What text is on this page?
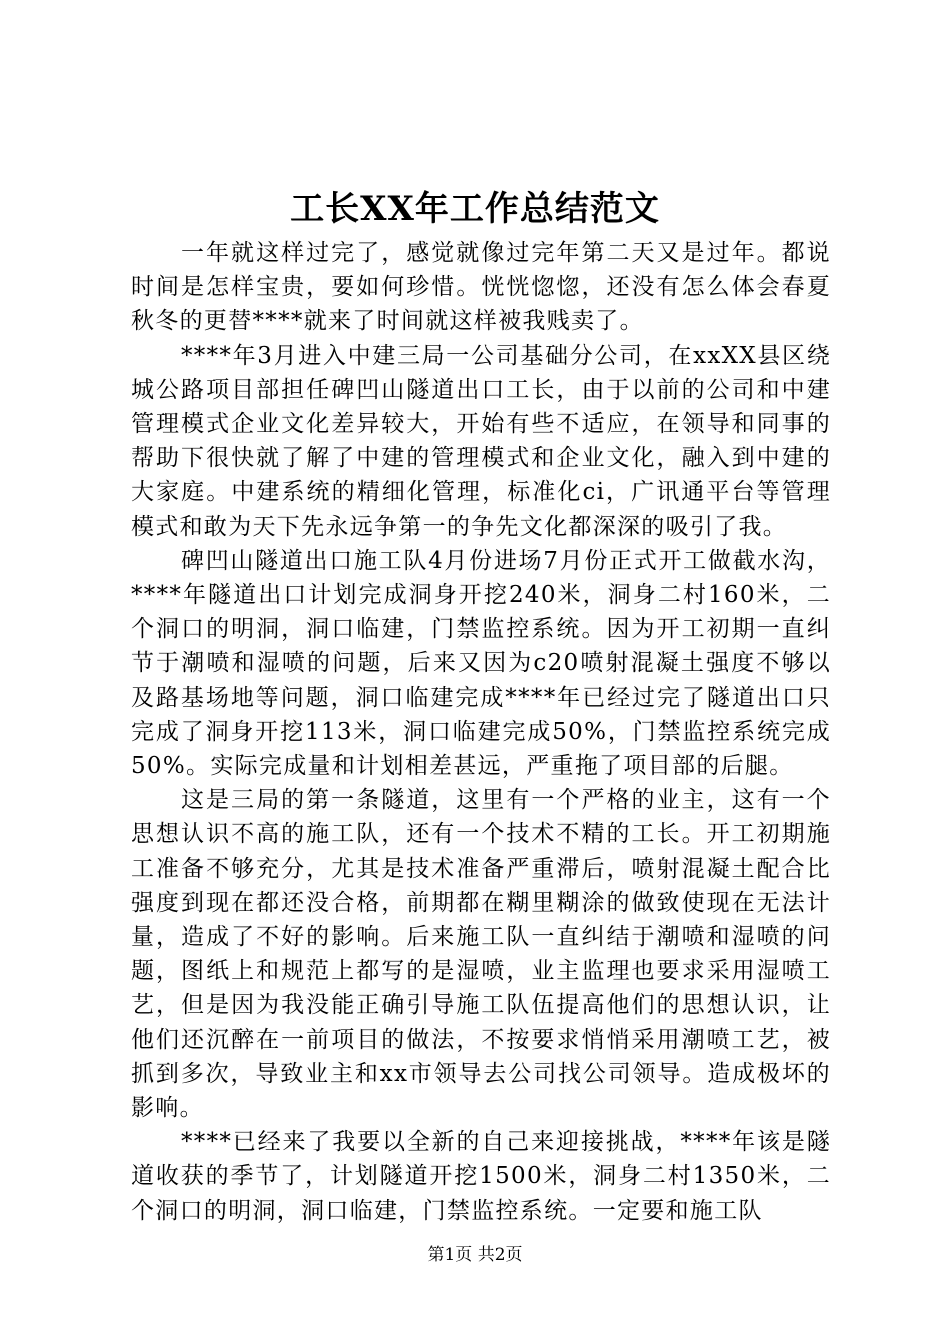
工长XX年工作总结范文

一年就这样过完了，感觉就像过完年第二天又是过年。都说时间是怎样宝贵，要如何珍惜。恍恍惚惚，还没有怎么体会春夏秋冬的更替****就来了时间就这样被我贱卖了。

****年3月进入中建三局一公司基础分公司，在xxXX县区绕城公路项目部担任碑凹山隧道出口工长，由于以前的公司和中建管理模式企业文化差异较大，开始有些不适应，在领导和同事的帮助下很快就了解了中建的管理模式和企业文化，融入到中建的大家庭。中建系统的精细化管理，标准化ci，广讯通平台等管理模式和敢为天下先永远争第一的争先文化都深深的吸引了我。

碑凹山隧道出口施工队4月份进场7月份正式开工做截水沟，****年隧道出口计划完成洞身开挖240米，洞身二村160米，二个洞口的明洞，洞口临建，门禁监控系统。因为开工初期一直纠节于潮喷和湿喷的问题，后来又因为c20喷射混凝土强度不够以及路基场地等问题，洞口临建完成****年已经过完了隧道出口只完成了洞身开挖113米，洞口临建完成50%，门禁监控系统完成50%。实际完成量和计划相差甚远，严重拖了项目部的后腿。

这是三局的第一条隧道，这里有一个严格的业主，这有一个思想认识不高的施工队，还有一个技术不精的工长。开工初期施工准备不够充分，尤其是技术准备严重滞后，喷射混凝土配合比强度到现在都还没合格，前期都在糊里糊涂的做致使现在无法计量，造成了不好的影响。后来施工队一直纠结于潮喷和湿喷的问题，图纸上和规范上都写的是湿喷，业主监理也要求采用湿喷工艺，但是因为我没能正确引导施工队伍提高他们的思想认识，让他们还沉醉在一前项目的做法，不按要求悄悄采用潮喷工艺，被抓到多次，导致业主和xx市领导去公司找公司领导。造成极坏的影响。

****已经来了我要以全新的自己来迎接挑战，****年该是隧道收获的季节了，计划隧道开挖1500米，洞身二村1350米，二个洞口的明洞，洞口临建，门禁监控系统。一定要和施工队

第1页 共2页
